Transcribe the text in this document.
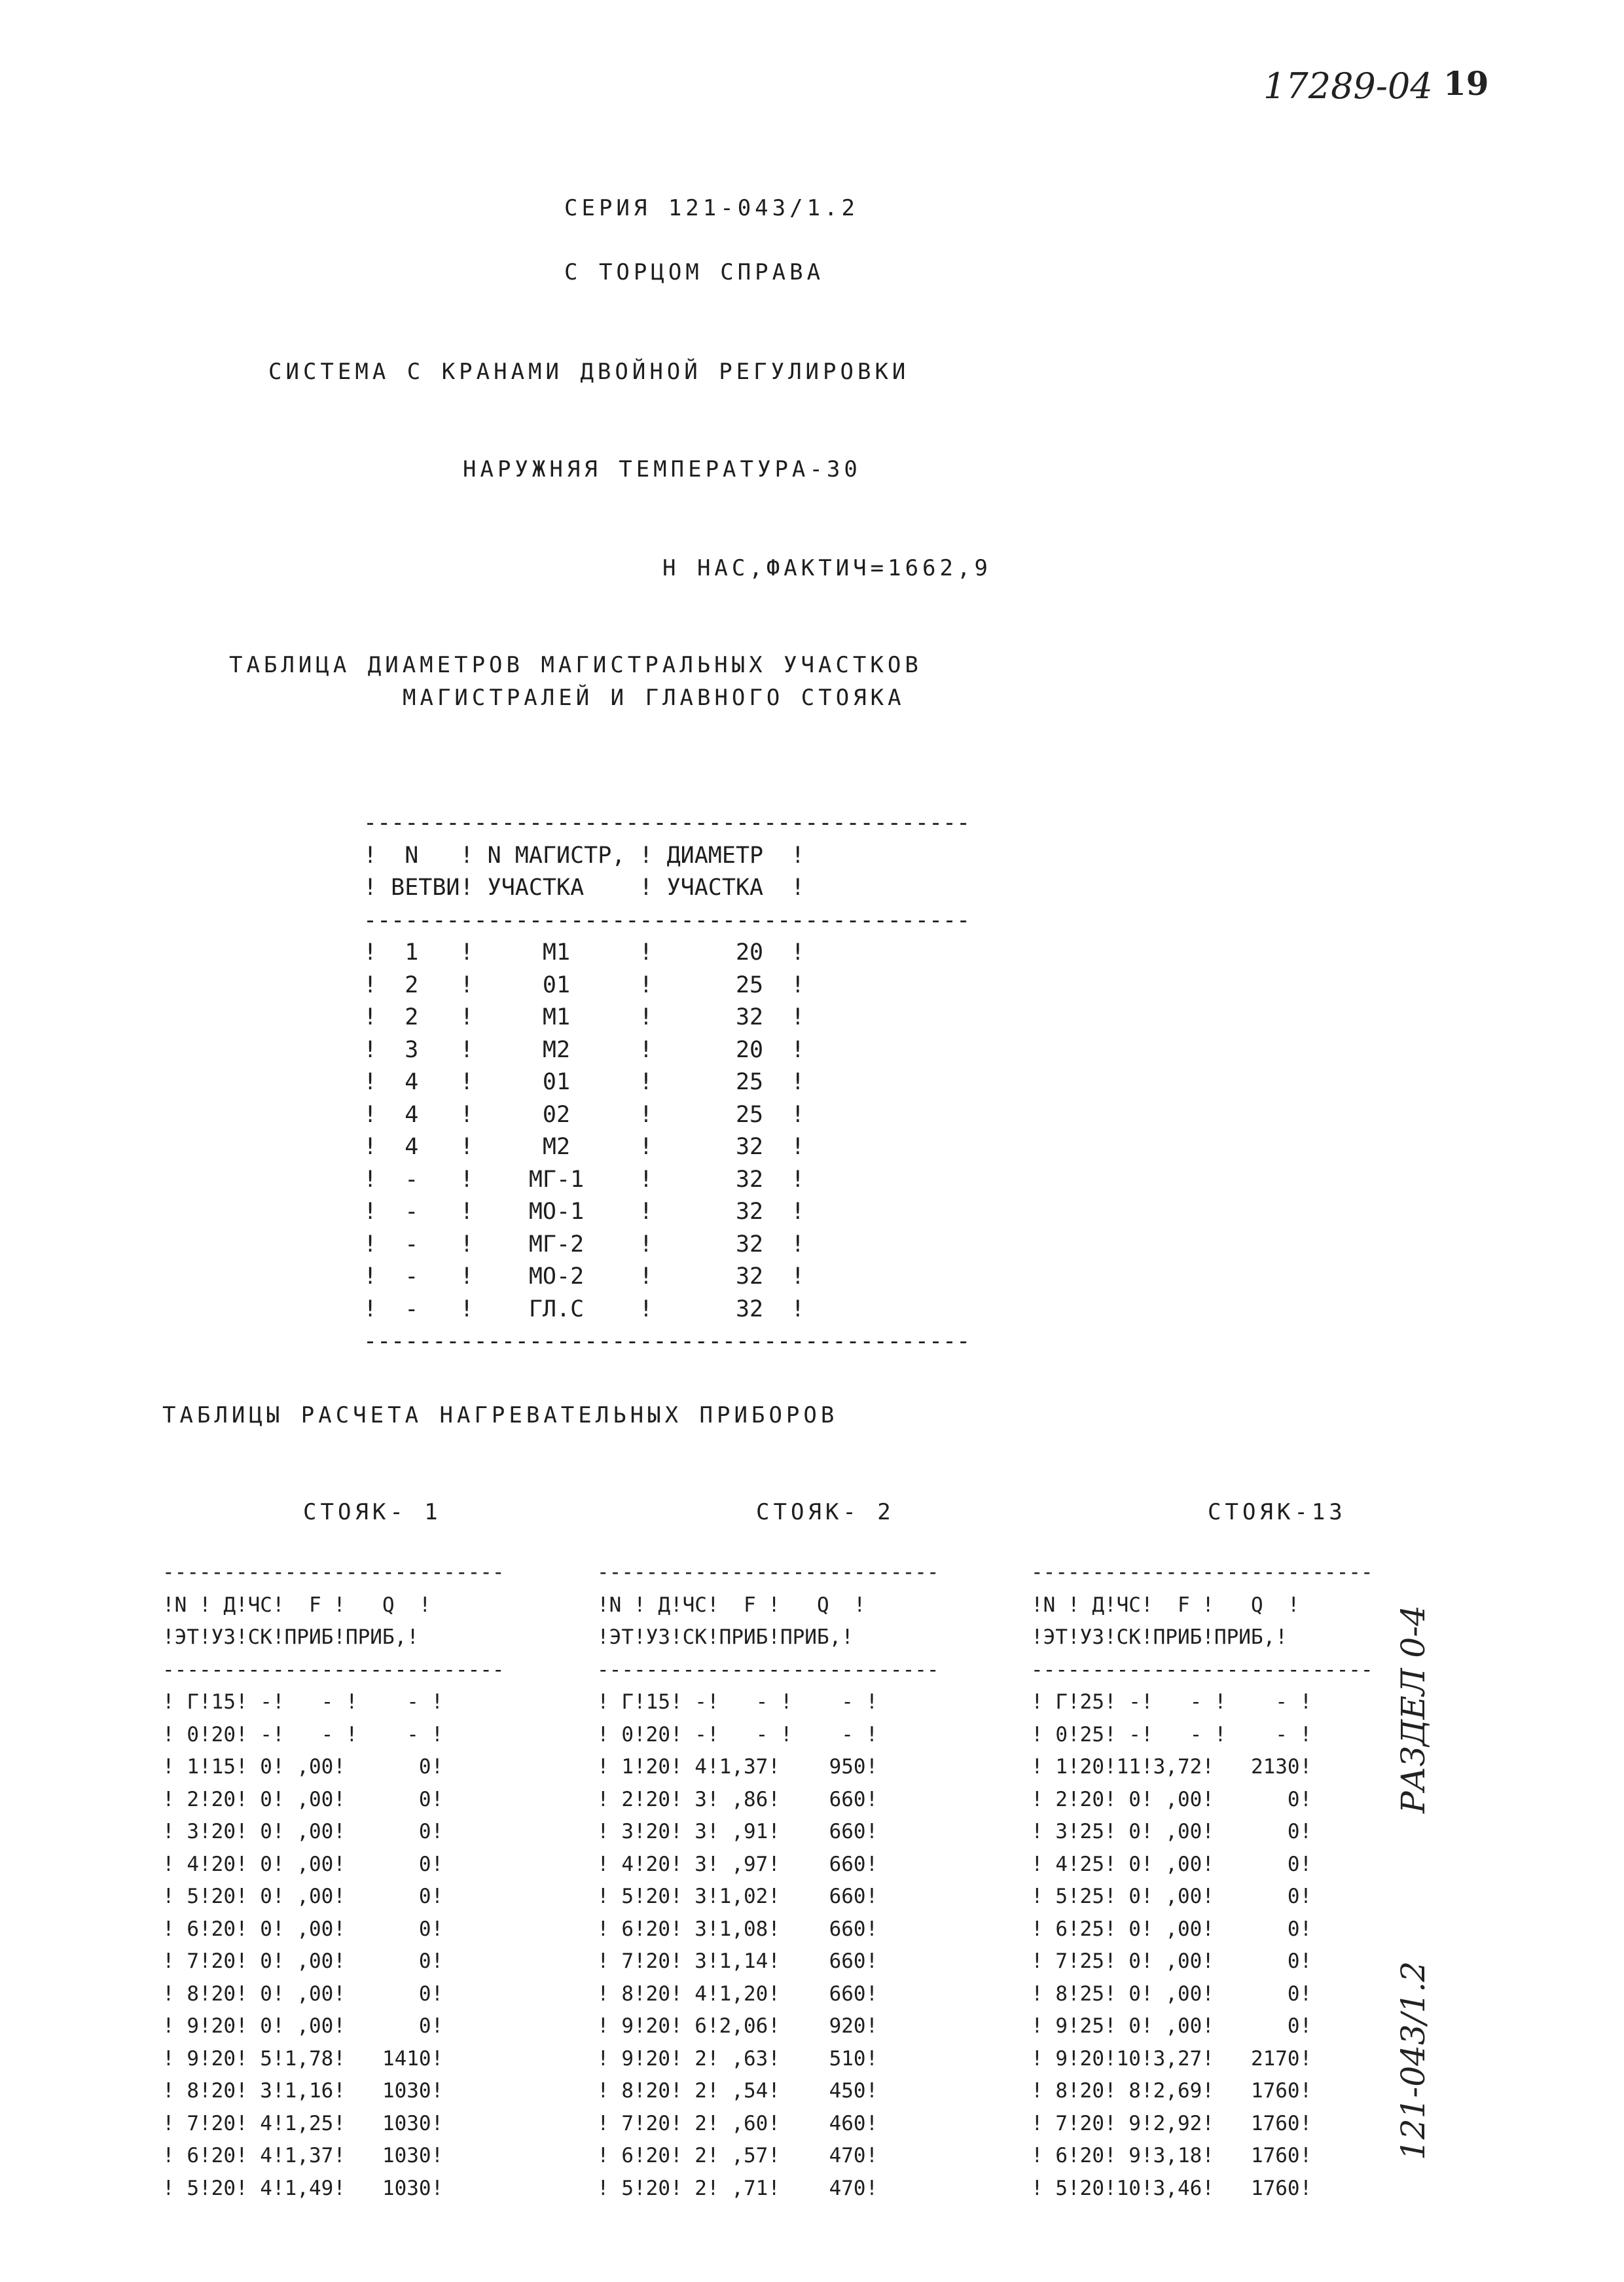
17289-04 19
СЕРИЯ 121-043/1.2
С ТОРЦОМ СПРАВА
СИСТЕМА С КРАНАМИ ДВОЙНОЙ РЕГУЛИРОВКИ
НАРУЖНЯЯ ТЕМПЕРАТУРА-30
Н НАС,ФАКТИЧ=1662,9
ТАБЛИЦА ДИАМЕТРОВ МАГИСТРАЛЬНЫХ УЧАСТКОВ
МАГИСТРАЛЕЙ И ГЛАВНОГО СТОЯКА

--------------------------------------------
!  N   ! N МАГИСТР, ! ДИАМЕТР  !
! ВЕТВИ! УЧАСТКА    ! УЧАСТКА  !
--------------------------------------------
!  1   !     М1     !      20  !
!  2   !     01     !      25  !
!  2   !     М1     !      32  !
!  3   !     М2     !      20  !
!  4   !     01     !      25  !
!  4   !     02     !      25  !
!  4   !     М2     !      32  !
!  -   !    МГ-1    !      32  !
!  -   !    МО-1    !      32  !
!  -   !    МГ-2    !      32  !
!  -   !    МО-2    !      32  !
!  -   !    ГЛ.С    !      32  !
--------------------------------------------

ТАБЛИЦЫ РАСЧЕТА НАГРЕВАТЕЛЬНЫХ ПРИБОРОВ
СТОЯК- 1	СТОЯК- 2	СТОЯК-13

----------------------------
!N ! Д!ЧС!  F !   Q  !
!ЭТ!УЗ!СК!ПРИБ!ПРИБ,!
----------------------------
! Г!15! -!   - !    - !
! 0!20! -!   - !    - !
! 1!15! 0! ,00!      0!
! 2!20! 0! ,00!      0!
! 3!20! 0! ,00!      0!
! 4!20! 0! ,00!      0!
! 5!20! 0! ,00!      0!
! 6!20! 0! ,00!      0!
! 7!20! 0! ,00!      0!
! 8!20! 0! ,00!      0!
! 9!20! 0! ,00!      0!
! 9!20! 5!1,78!   1410!
! 8!20! 3!1,16!   1030!
! 7!20! 4!1,25!   1030!
! 6!20! 4!1,37!   1030!
! 5!20! 4!1,49!   1030!

----------------------------
!N ! Д!ЧС!  F !   Q  !
!ЭТ!УЗ!СК!ПРИБ!ПРИБ,!
----------------------------
! Г!15! -!   - !    - !
! 0!20! -!   - !    - !
! 1!20! 4!1,37!    950!
! 2!20! 3! ,86!    660!
! 3!20! 3! ,91!    660!
! 4!20! 3! ,97!    660!
! 5!20! 3!1,02!    660!
! 6!20! 3!1,08!    660!
! 7!20! 3!1,14!    660!
! 8!20! 4!1,20!    660!
! 9!20! 6!2,06!    920!
! 9!20! 2! ,63!    510!
! 8!20! 2! ,54!    450!
! 7!20! 2! ,60!    460!
! 6!20! 2! ,57!    470!
! 5!20! 2! ,71!    470!

----------------------------
!N ! Д!ЧС!  F !   Q  !
!ЭТ!УЗ!СК!ПРИБ!ПРИБ,!
----------------------------
! Г!25! -!   - !    - !
! 0!25! -!   - !    - !
! 1!20!11!3,72!   2130!
! 2!20! 0! ,00!      0!
! 3!25! 0! ,00!      0!
! 4!25! 0! ,00!      0!
! 5!25! 0! ,00!      0!
! 6!25! 0! ,00!      0!
! 7!25! 0! ,00!      0!
! 8!25! 0! ,00!      0!
! 9!25! 0! ,00!      0!
! 9!20!10!3,27!   2170!
! 8!20! 8!2,69!   1760!
! 7!20! 9!2,92!   1760!
! 6!20! 9!3,18!   1760!
! 5!20!10!3,46!   1760!

РАЗДЕЛ 0-4
121-043/1.2
